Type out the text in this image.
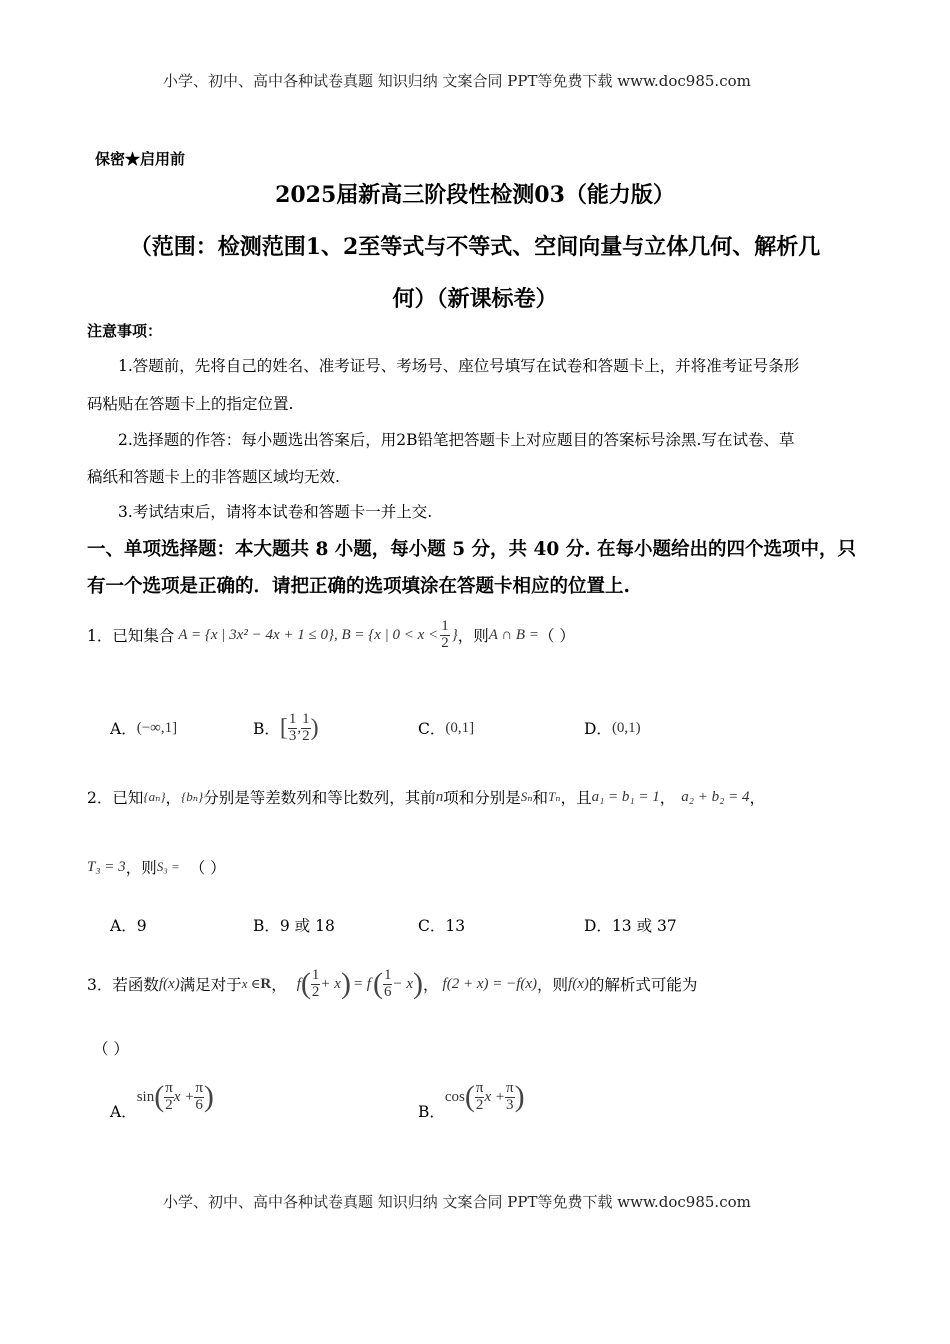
小学、初中、高中各种试卷真题 知识归纳 文案合同 PPT等免费下载 www.doc985.com
保密★启用前
2025届新高三阶段性检测03（能力版）
（范围：检测范围1、2至等式与不等式、空间向量与立体几何、解析几
何）（新课标卷）
注意事项：
1.答题前，先将自己的姓名、准考证号、考场号、座位号填写在试卷和答题卡上，并将准考证号条形
码粘贴在答题卡上的指定位置.
2.选择题的作答：每小题选出答案后，用2B铅笔把答题卡上对应题目的答案标号涂黑.写在试卷、草
稿纸和答题卡上的非答题区域均无效.
3.考试结束后，请将本试卷和答题卡一并上交.
一、单项选择题：本大题共 8 小题，每小题 5 分，共 40 分. 在每小题给出的四个选项中，只
有一个选项是正确的．请把正确的选项填涂在答题卡相应的位置上.
1．已知集合 A = {x | 3x² − 4x + 1 ≤ 0}, B = {x | $0 < x < \frac{1}{2}$ } ，则 A ∩ B = （ ）
A． (−∞,1]	B． [ $\frac{1}{3}$ , $\frac{1}{2}$ )	C． (0,1]	D． (0,1)
2．已知 {aₙ} ， {bₙ} 分别是等差数列和等比数列，其前 n 项和分别是 Sₙ 和 Tₙ ，且 a₁ = b₁ = 1 ， a₂ + b₂ = 4 ，
T₃ = 3 ，则 S₃ = （ ）
A．9	B．9 或 18	C．13	D．13 或 37
3．若函数 f(x) 满足对于 x ∈ R ， f ( $\frac{1}{2} + x$ ) = f ( $\frac{1}{6} - x$ ) ， f(2 + x) = −f(x) ，则 f(x) 的解析式可能为
（ ）
A．
sin ( $\frac{\pi}{2}$ $x + \frac{\pi}{6}$ )	B．
cos ( $\frac{\pi}{2}$ $x + \frac{\pi}{3}$ )
小学、初中、高中各种试卷真题 知识归纳 文案合同 PPT等免费下载 www.doc985.com
